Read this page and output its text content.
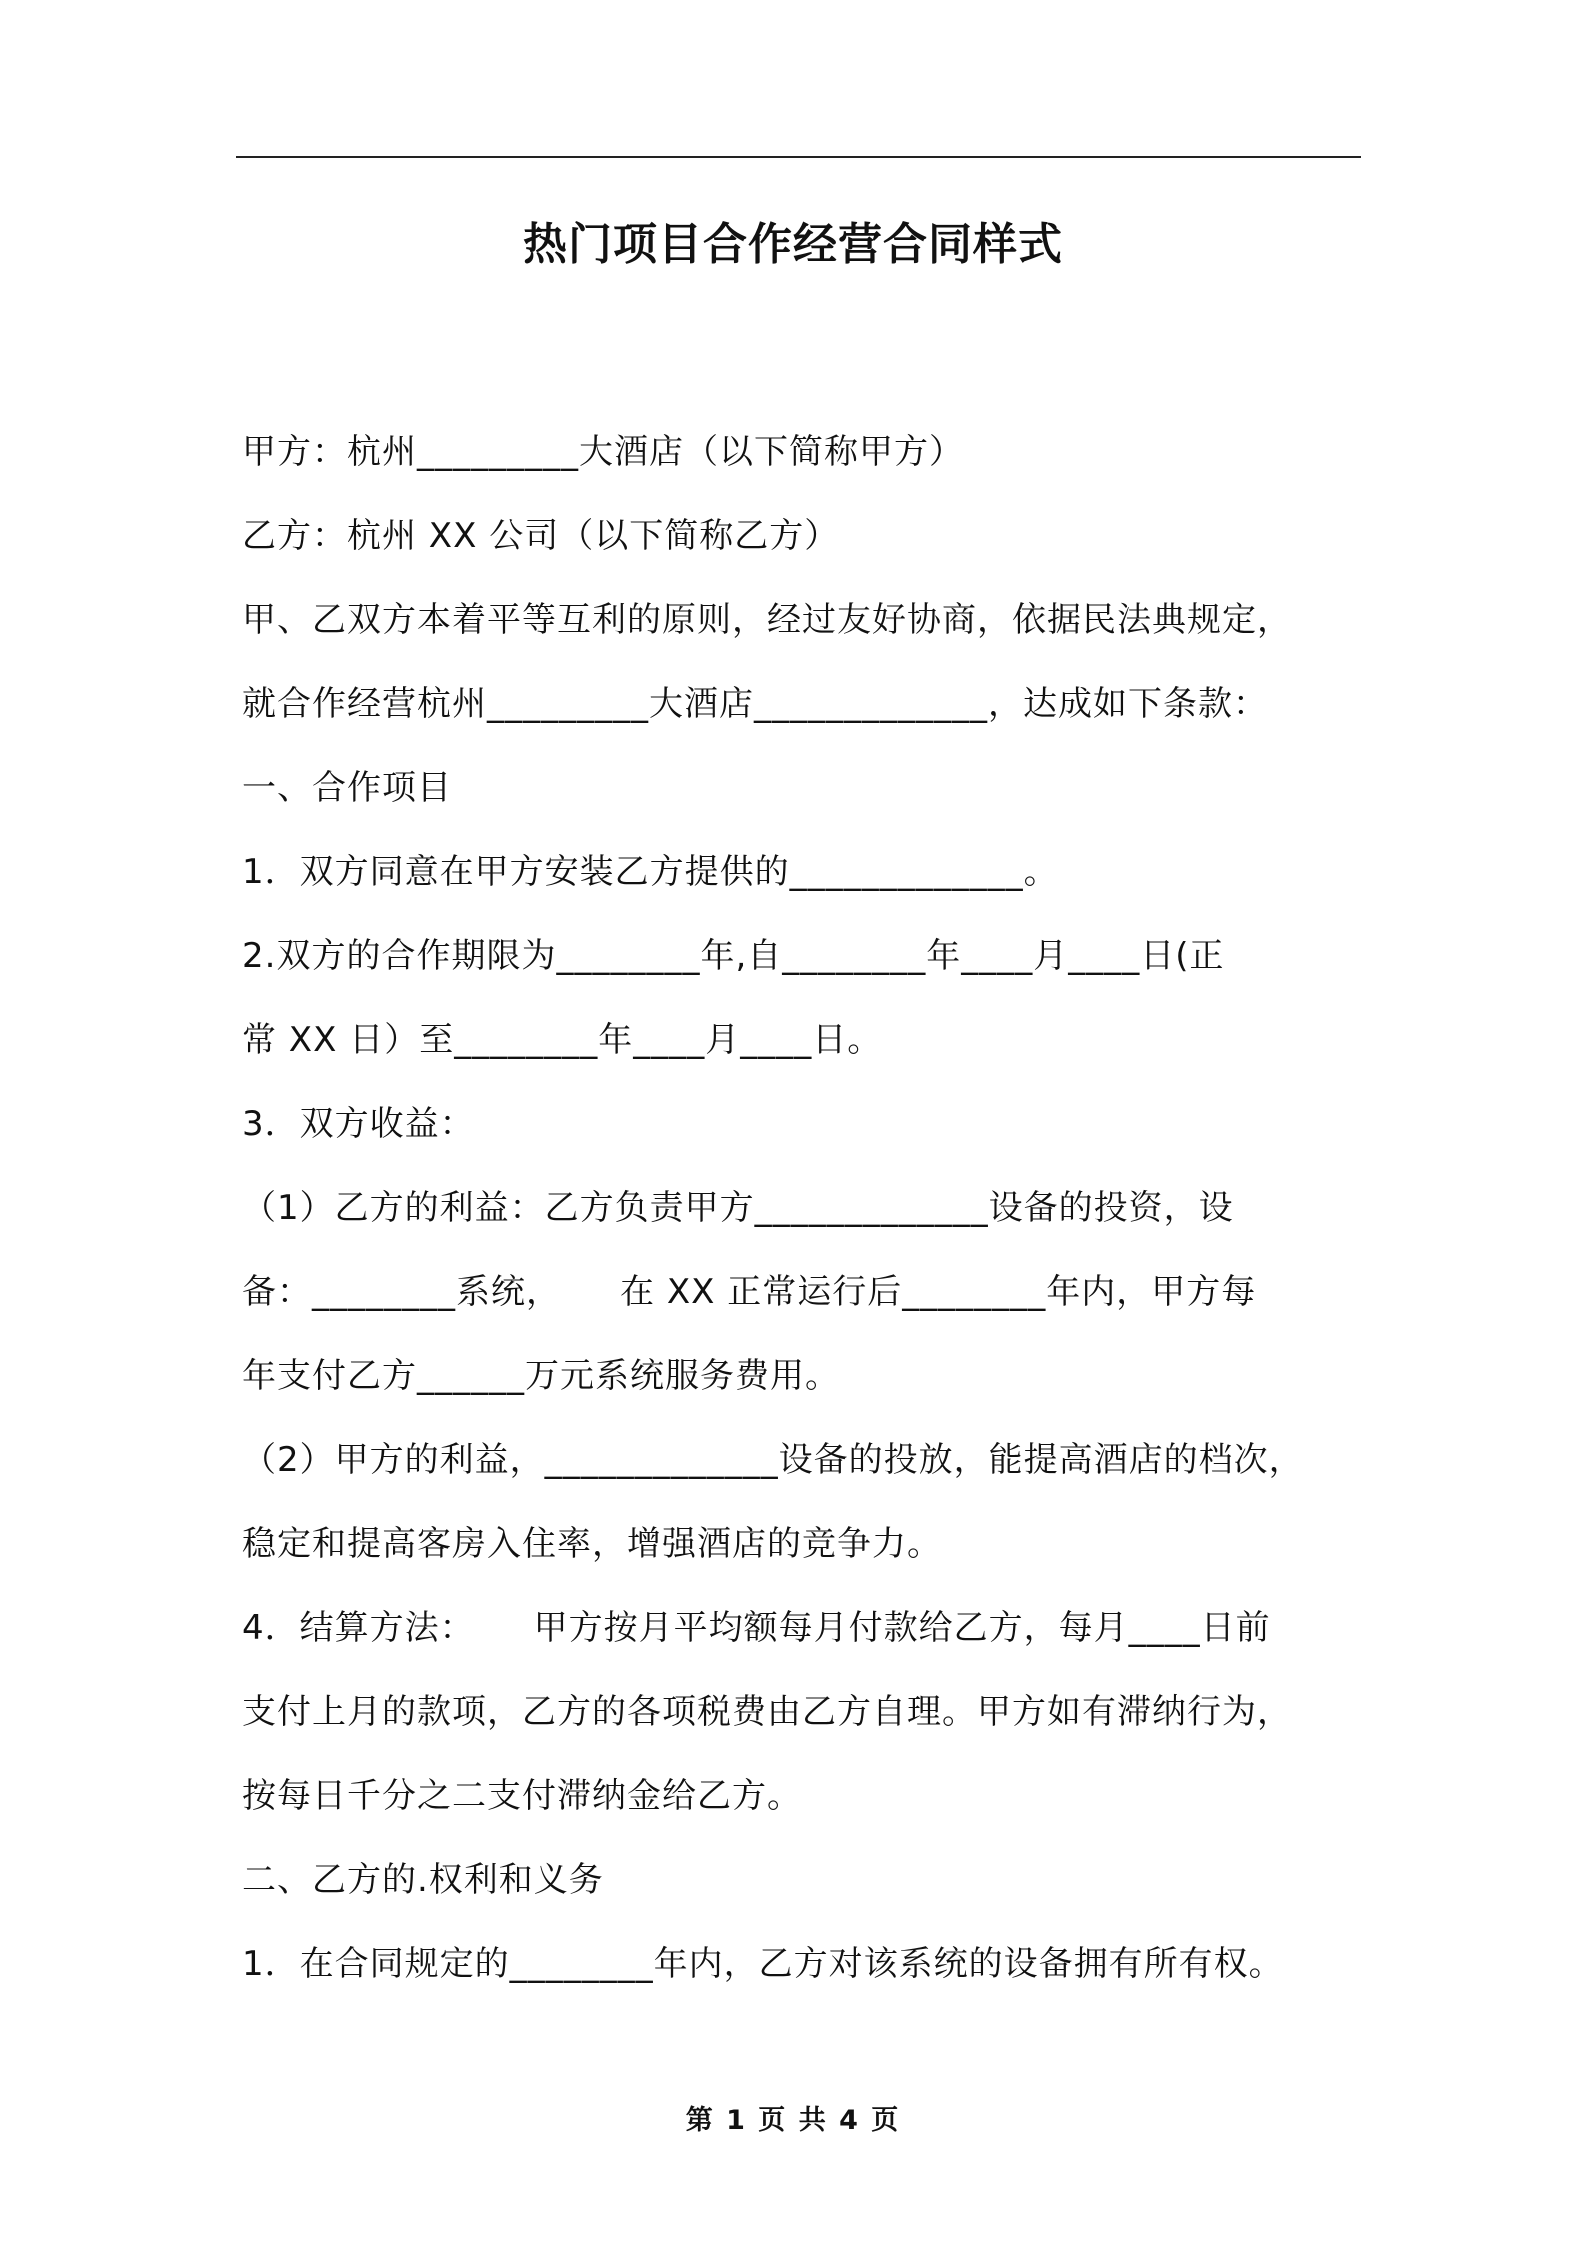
热门项目合作经营合同样式
甲方：杭州_________大酒店（以下简称甲方）
乙方：杭州 XX 公司（以下简称乙方）
甲、乙双方本着平等互利的原则，经过友好协商，依据民法典规定，
就合作经营杭州_________大酒店_____________，达成如下条款：
一、合作项目
1．双方同意在甲方安装乙方提供的_____________。
2.双方的合作期限为________年,自________年____月____日(正
常 XX 日）至________年____月____日。
3．双方收益：
（1）乙方的利益：乙方负责甲方_____________设备的投资，设
备：________系统，     在 XX 正常运行后________年内，甲方每
年支付乙方______万元系统服务费用。
（2）甲方的利益，_____________设备的投放，能提高酒店的档次，
稳定和提高客房入住率，增强酒店的竞争力。
4．结算方法：     甲方按月平均额每月付款给乙方，每月____日前
支付上月的款项，乙方的各项税费由乙方自理。甲方如有滞纳行为，
按每日千分之二支付滞纳金给乙方。
二、乙方的.权利和义务
1．在合同规定的________年内，乙方对该系统的设备拥有所有权。
第 1 页 共 4 页
